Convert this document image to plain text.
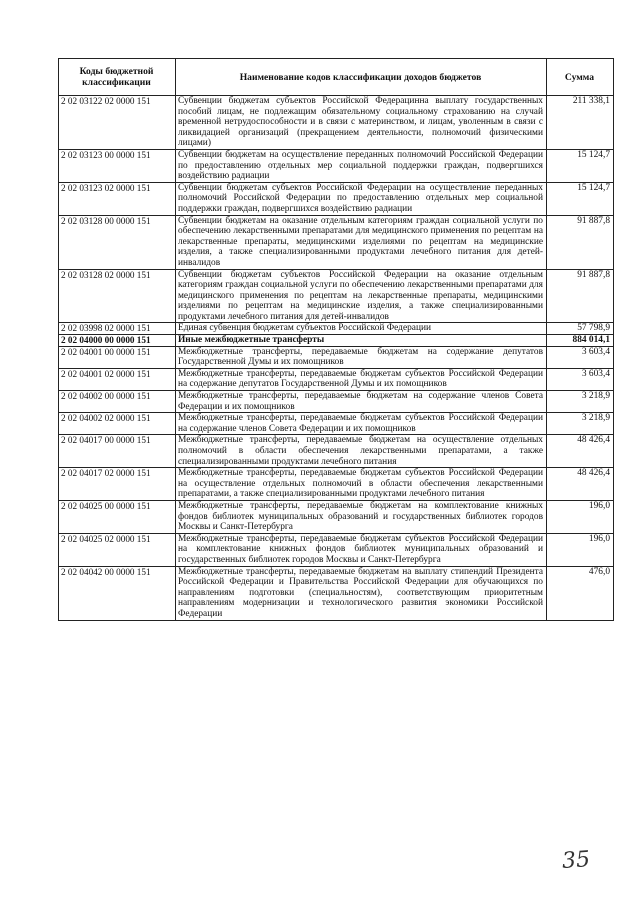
Коды бюджетной классификации	Наименование кодов классификации доходов бюджетов	Сумма
2 02 03122 02 0000 151	Субвенции бюджетам субъектов Российской Федерацинна выплату государственных пособий лицам, не подлежащим обязательному социальному страхованию на случай временной нетрудоспособности и в связи с материнством, и лицам, уволенным в связи с ликвидацией организаций (прекращением деятельности, полномочий физическими лицами)	211 338,1
2 02 03123 00 0000 151	Субвенции бюджетам на осуществление переданных полномочий Российской Федерации по предоставлению отдельных мер социальной поддержки граждан, подвергшихся воздействию радиации	15 124,7
2 02 03123 02 0000 151	Субвенции бюджетам субъектов Российской Федерации на осуществление переданных полномочий Российской Федерации по предоставлению отдельных мер социальной поддержки граждан, подвергшихся воздействию радиации	15 124,7
2 02 03128 00 0000 151	Субвенции бюджетам на оказание отдельным категориям граждан социальной услуги по обеспечению лекарственными препаратами для медицинского применения по рецептам на лекарственные препараты, медицинскими изделиями по рецептам на медицинские изделия, а также специализированными продуктами лечебного питания для детей-инвалидов	91 887,8
2 02 03128 02 0000 151	Субвенции бюджетам субъектов Российской Федерации на оказание отдельным категориям граждан социальной услуги по обеспечению лекарственными препаратами для медицинского применения по рецептам на лекарственные препараты, медицинскими изделиями по рецептам на медицинские изделия, а также специализированными продуктами лечебного питания для детей-инвалидов	91 887,8
2 02 03998 02 0000 151	Единая субвенция бюджетам субъектов Российской Федерации	57 798,9
2 02 04000 00 0000 151	Иные межбюджетные трансферты	884 014,1
2 02 04001 00 0000 151	Межбюджетные трансферты, передаваемые бюджетам на содержание депутатов Государственной Думы и их помощников	3 603,4
2 02 04001 02 0000 151	Межбюджетные трансферты, передаваемые бюджетам субъектов Российской Федерации на содержание депутатов Государственной Думы и их помощников	3 603,4
2 02 04002 00 0000 151	Межбюджетные трансферты, передаваемые бюджетам на содержание членов Совета Федерации и их помощников	3 218,9
2 02 04002 02 0000 151	Межбюджетные трансферты, передаваемые бюджетам субъектов Российской Федерации на содержание членов Совета Федерации и их помощников	3 218,9
2 02 04017 00 0000 151	Межбюджетные трансферты, передаваемые бюджетам на осуществление отдельных полномочий в области обеспечения лекарственными препаратами, а также специализированными продуктами лечебного питания	48 426,4
2 02 04017 02 0000 151	Межбюджетные трансферты, передаваемые бюджетам субъектов Российской Федерации на осуществление отдельных полномочий в области обеспечения лекарственными препаратами, а также специализированными продуктами лечебного питания	48 426,4
2 02 04025 00 0000 151	Межбюджетные трансферты, передаваемые бюджетам на комплектование книжных фондов библиотек муниципальных образований и государственных библиотек городов Москвы и Санкт-Петербурга	196,0
2 02 04025 02 0000 151	Межбюджетные трансферты, передаваемые бюджетам субъектов Российской Федерации на комплектование книжных фондов библиотек муниципальных образований и государственных библиотек городов Москвы и Санкт-Петербурга	196,0
2 02 04042 00 0000 151	Межбюджетные трансферты, передаваемые бюджетам на выплату стипендий Президента Российской Федерации и Правительства Российской Федерации для обучающихся по направлениям подготовки (специальностям), соответствующим приоритетным направлениям модернизации и технологического развития экономики Российской Федерации	476,0
35
